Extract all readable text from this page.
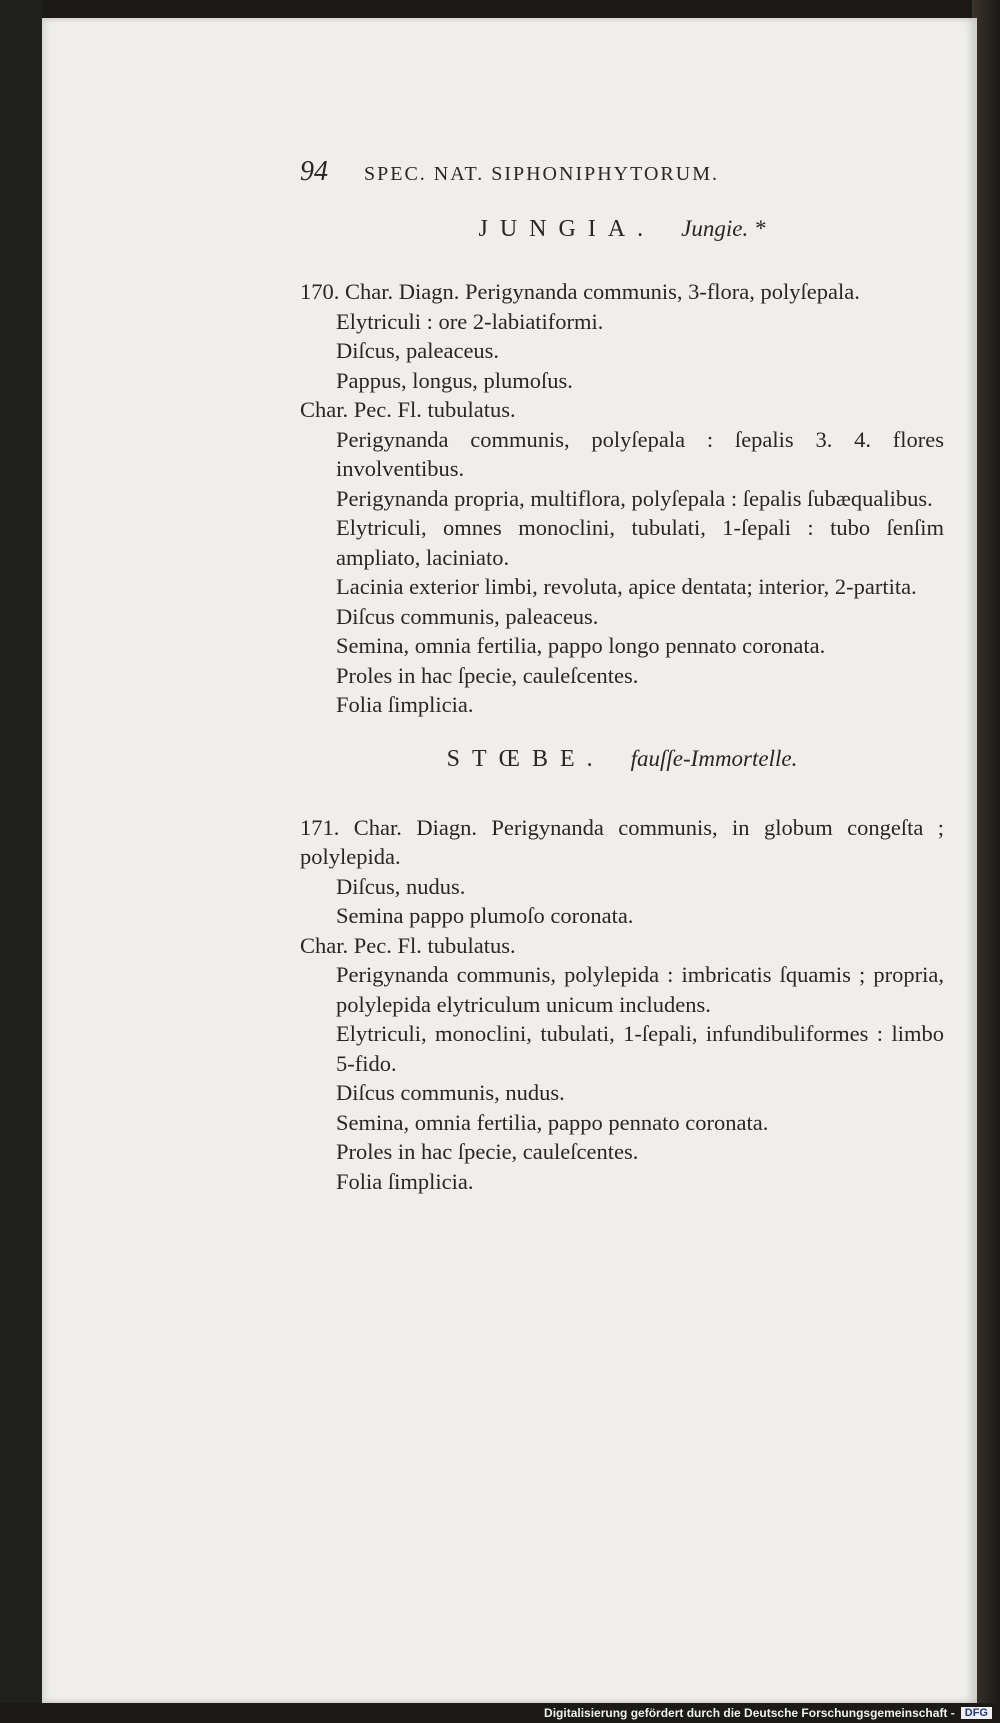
94 SPEC. NAT. SIPHONIPHYTORUM.
JUNGIA. Jungie. *
170. Char. Diagn. Perigynanda communis, 3-flora, polyſepala.
Elytriculi : ore 2-labiatiformi.
Diſcus, paleaceus.
Pappus, longus, plumoſus.
Char. Pec. Fl. tubulatus.
Perigynanda communis, polyſepala : ſepalis 3. 4. flores involventibus.
Perigynanda propria, multiflora, polyſepala : ſepalis ſubæqualibus.
Elytriculi, omnes monoclini, tubulati, 1-ſepali : tubo ſenſim ampliato, laciniato.
Lacinia exterior limbi, revoluta, apice dentata; interior, 2-partita.
Diſcus communis, paleaceus.
Semina, omnia fertilia, pappo longo pennato coronata.
Proles in hac ſpecie, cauleſcentes.
Folia ſimplicia.
STŒBE. fauſſe-Immortelle.
171. Char. Diagn. Perigynanda communis, in globum congeſta ; polylepida.
Diſcus, nudus.
Semina pappo plumoſo coronata.
Char. Pec. Fl. tubulatus.
Perigynanda communis, polylepida : imbricatis ſquamis ; propria, polylepida elytriculum unicum includens.
Elytriculi, monoclini, tubulati, 1-ſepali, infundibuliformes : limbo 5-fido.
Diſcus communis, nudus.
Semina, omnia fertilia, pappo pennato coronata.
Proles in hac ſpecie, cauleſcentes.
Folia ſimplicia.
Digitalisierung gefördert durch die Deutsche Forschungsgemeinschaft - DFG
